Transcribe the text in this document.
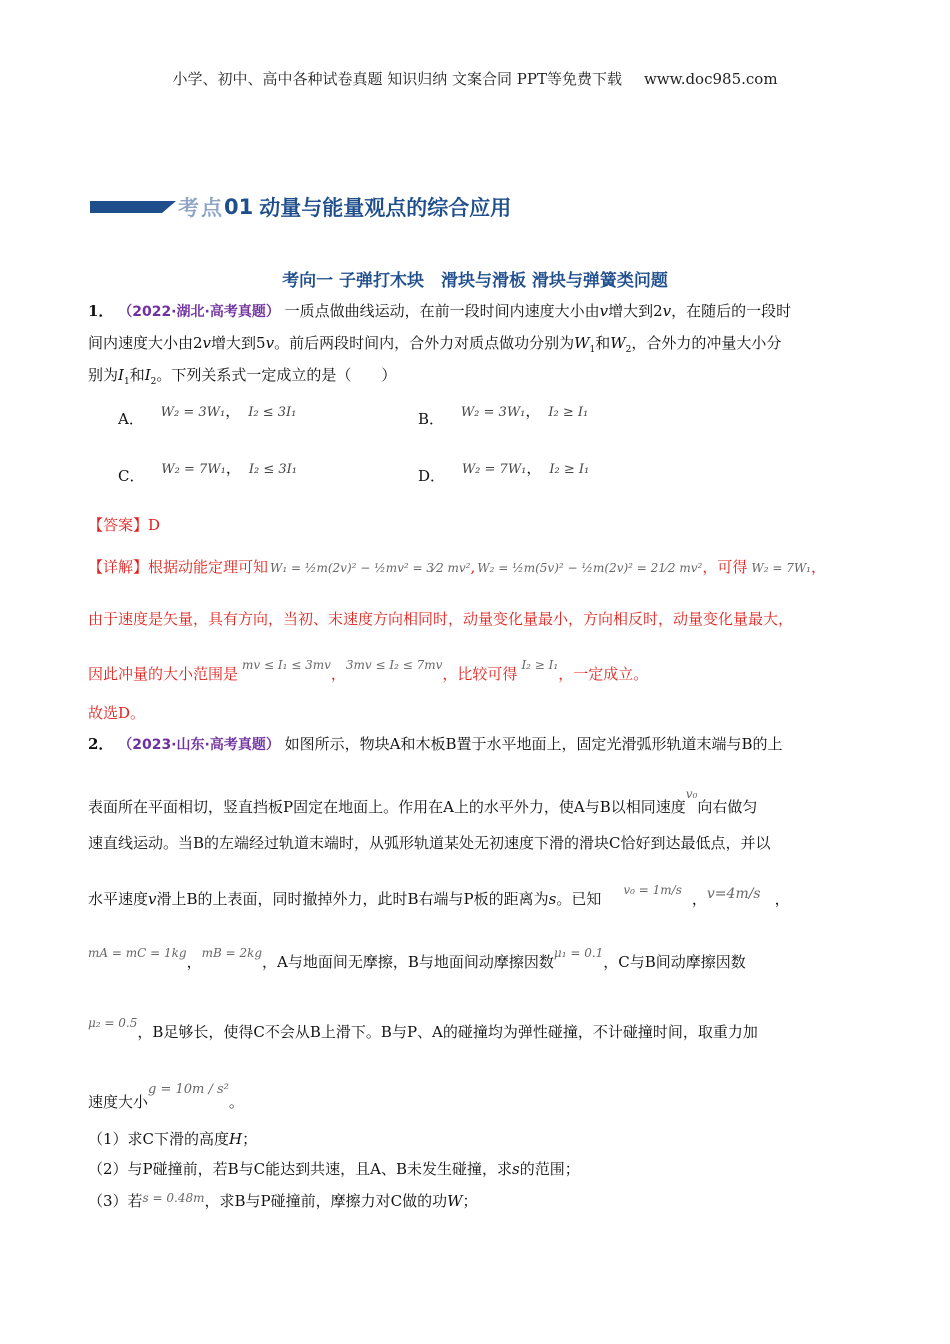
小学、初中、高中各种试卷真题 知识归纳 文案合同 PPT等免费下载 www.doc985.com
考点 01 动量与能量观点的综合应用
考向一 子弹打木块　滑块与滑板 滑块与弹簧类问题
1． （2022·湖北·高考真题） 一质点做曲线运动，在前一段时间内速度大小由v增大到2v，在随后的一段时
间内速度大小由2v增大到5v。前后两段时间内，合外力对质点做功分别为$W_1$和$W_2$，合外力的冲量大小分
别为$I_1$和$I_2$。下列关系式一定成立的是（　　）
A． W₂ = 3W₁， I₂ ≤ 3I₁	B． W₂ = 3W₁， I₂ ≥ I₁
C． W₂ = 7W₁， I₂ ≤ 3I₁	D． W₂ = 7W₁， I₂ ≥ I₁
【答案】D
【详解】根据动能定理可知 W₁ = ½m(2v)² − ½mv² = 3⁄2 mv², W₂ = ½m(5v)² − ½m(2v)² = 21⁄2 mv²，可得 W₂ = 7W₁，
由于速度是矢量，具有方向，当初、末速度方向相同时，动量变化量最小，方向相反时，动量变化量最大，
因此冲量的大小范围是 $^{mv \le I_1 \le 3mv}$，$^{3mv \le I_2 \le 7mv}$，比较可得 $^{I_2 \ge I_1}$，一定成立。
故选D。
2． （2023·山东·高考真题） 如图所示，物块A和木板B置于水平地面上，固定光滑弧形轨道末端与B的上
表面所在平面相切，竖直挡板P固定在地面上。作用在A上的水平外力，使A与B以相同速度$^{v_0}$向右做匀
速直线运动。当B的左端经过轨道末端时，从弧形轨道某处无初速度下滑的滑块C恰好到达最低点，并以
水平速度v滑上B的上表面，同时撤掉外力，此时B右端与P板的距离为s。已知 $^{v_0 = 1m/s}$ ，v=4m/s ，
$^{mA = mC = 1kg}$，$^{mB = 2kg}$，A与地面间无摩擦，B与地面间动摩擦因数$^{\mu_1 = 0.1}$，C与B间动摩擦因数
$^{\mu_2 = 0.5}$，B足够长，使得C不会从B上滑下。B与P、A的碰撞均为弹性碰撞，不计碰撞时间，取重力加
速度大小g = 10m / s²。
（1）求C下滑的高度H；
（2）与P碰撞前，若B与C能达到共速，且A、B未发生碰撞，求s的范围；
（3）若$^{s = 0.48m}$，求B与P碰撞前，摩擦力对C做的功W；
